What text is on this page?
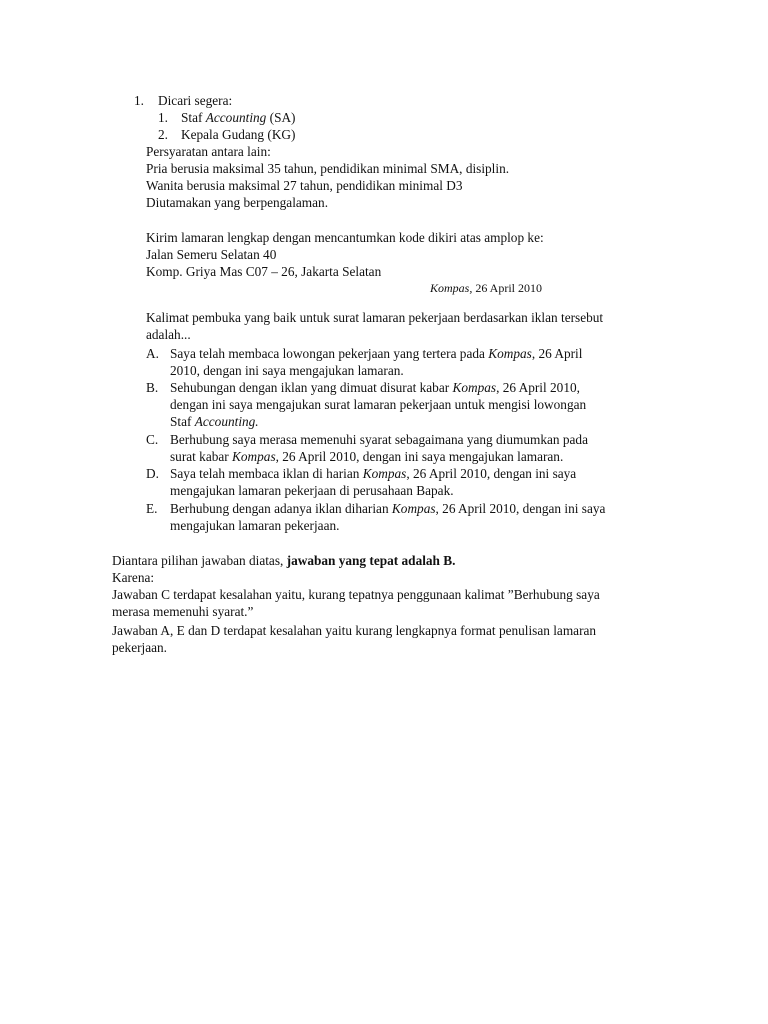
1. Dicari segera:
1. Staf Accounting (SA)
2. Kepala Gudang (KG)
Persyaratan antara lain:
Pria berusia maksimal 35 tahun, pendidikan minimal SMA, disiplin.
Wanita berusia maksimal 27 tahun, pendidikan minimal D3
Diutamakan yang berpengalaman.
Kirim lamaran lengkap dengan mencantumkan kode dikiri atas amplop ke:
Jalan Semeru Selatan 40
Komp. Griya Mas C07 – 26, Jakarta Selatan
Kompas, 26 April 2010
Kalimat pembuka yang baik untuk surat lamaran pekerjaan berdasarkan iklan tersebut
adalah...
A. Saya telah membaca lowongan pekerjaan yang tertera pada Kompas, 26 April
2010, dengan ini saya mengajukan lamaran.
B. Sehubungan dengan iklan yang dimuat disurat kabar Kompas, 26 April 2010,
dengan ini saya mengajukan surat lamaran pekerjaan untuk mengisi lowongan
Staf Accounting.
C. Berhubung saya merasa memenuhi syarat sebagaimana yang diumumkan pada
surat kabar Kompas, 26 April 2010, dengan ini saya mengajukan lamaran.
D. Saya telah membaca iklan di harian Kompas, 26 April 2010, dengan ini saya
mengajukan lamaran pekerjaan di perusahaan Bapak.
E. Berhubung dengan adanya iklan diharian Kompas, 26 April 2010, dengan ini saya
mengajukan lamaran pekerjaan.
Diantara pilihan jawaban diatas, jawaban yang tepat adalah B.
Karena:
Jawaban C terdapat kesalahan yaitu, kurang tepatnya penggunaan kalimat ”Berhubung saya
merasa memenuhi syarat.”
Jawaban A, E dan D terdapat kesalahan yaitu kurang lengkapnya format penulisan lamaran
pekerjaan.
